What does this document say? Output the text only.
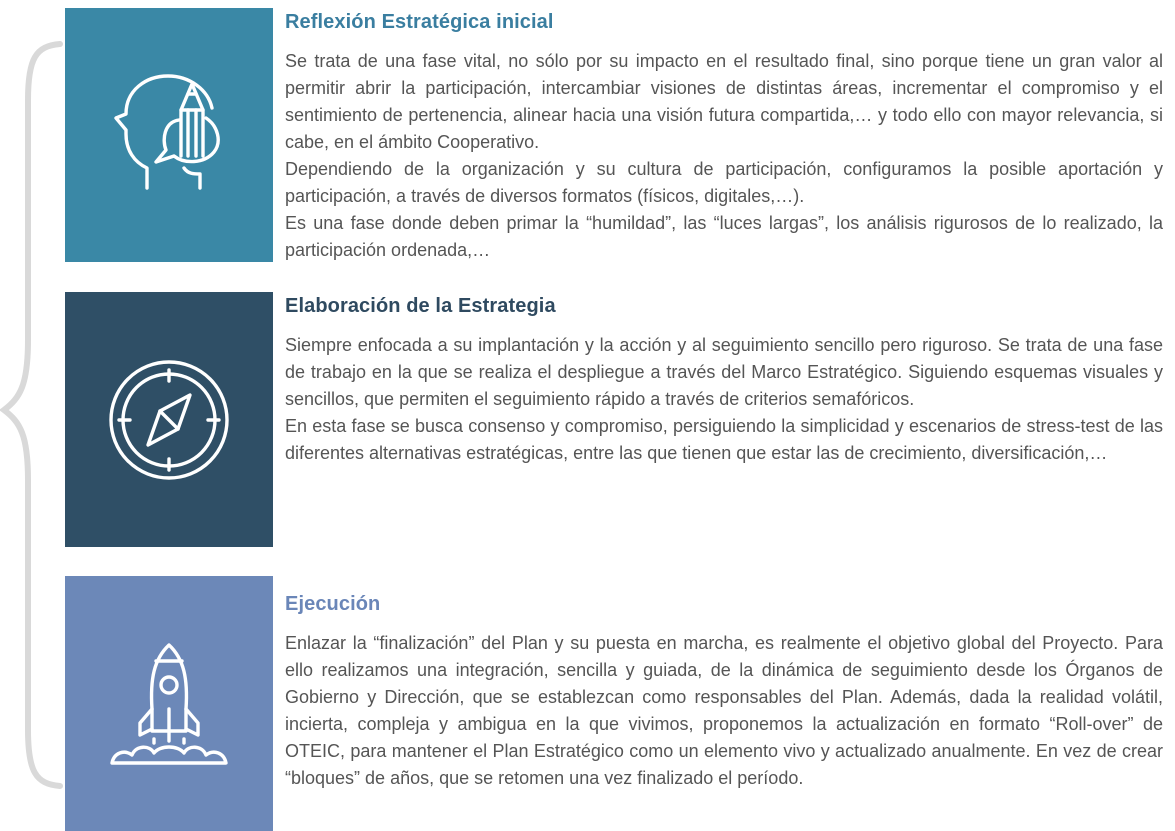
Reflexión Estratégica inicial

Se trata de una fase vital, no sólo por su impacto en el resultado final, sino porque tiene un gran valor al permitir abrir la participación, intercambiar visiones de distintas áreas, incrementar el compromiso y el sentimiento de pertenencia, alinear hacia una visión futura compartida,… y todo ello con mayor relevancia, si cabe, en el ámbito Cooperativo.

Dependiendo de la organización y su cultura de participación, configuramos la posible aportación y participación, a través de diversos formatos (físicos, digitales,…).

Es una fase donde deben primar la “humildad”, las “luces largas”, los análisis rigurosos de lo realizado, la participación ordenada,…

Elaboración de la Estrategia

Siempre enfocada a su implantación y la acción y al seguimiento sencillo pero riguroso. Se trata de una fase de trabajo en la que se realiza el despliegue a través del Marco Estratégico. Siguiendo esquemas visuales y sencillos, que permiten el seguimiento rápido a través de criterios semafóricos.

En esta fase se busca consenso y compromiso, persiguiendo la simplicidad y escenarios de stress-test de las diferentes alternativas estratégicas, entre las que tienen que estar las de crecimiento, diversificación,…

Ejecución

Enlazar la “finalización” del Plan y su puesta en marcha, es realmente el objetivo global del Proyecto. Para ello realizamos una integración, sencilla y guiada, de la dinámica de seguimiento desde los Órganos de Gobierno y Dirección, que se establezcan como responsables del Plan. Además, dada la realidad volátil, incierta, compleja y ambigua en la que vivimos, proponemos la actualización en formato “Roll-over” de OTEIC, para mantener el Plan Estratégico como un elemento vivo y actualizado anualmente. En vez de crear “bloques” de años, que se retomen una vez finalizado el período.
